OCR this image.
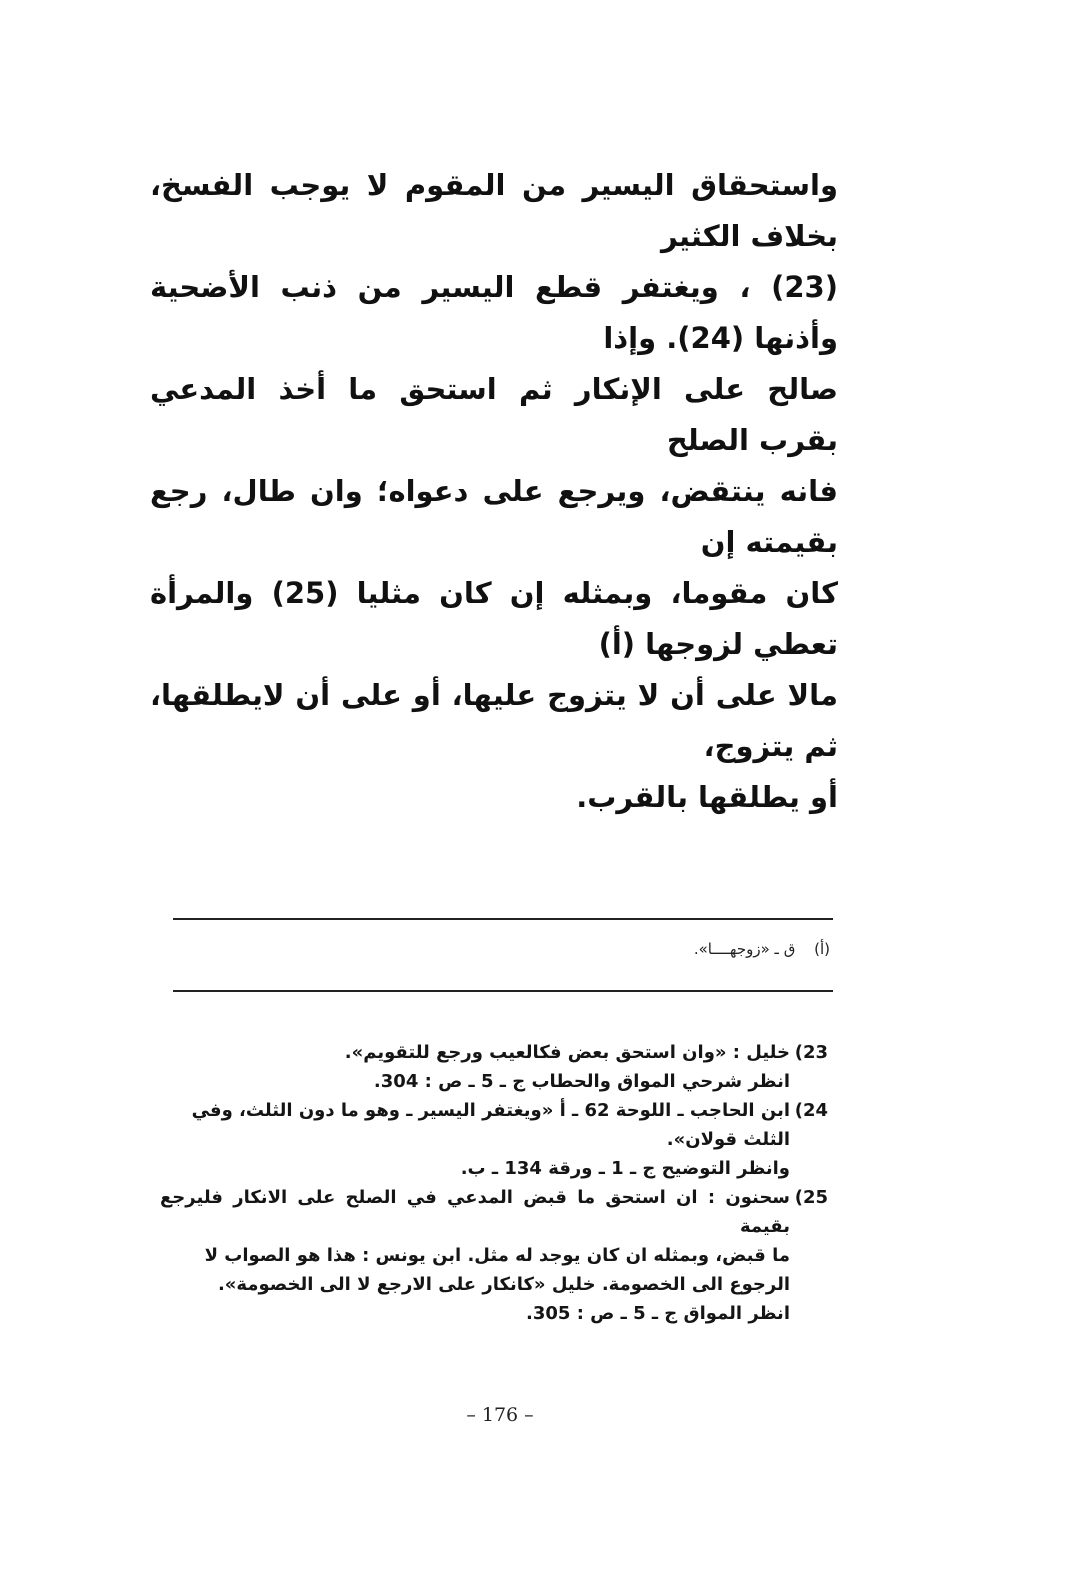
واستحقاق اليسير من المقوم لا يوجب الفسخ، بخلاف الكثير

(23) ، ويغتفر قطع اليسير من ذنب الأضحية وأذنها (24). وإذا

صالح على الإنكار ثم استحق ما أخذ المدعي بقرب الصلح

فانه ينتقض، ويرجع على دعواه؛ وان طال، رجع بقيمته إن

كان مقوما، وبمثله إن كان مثليا (25) والمرأة تعطي لزوجها (أ)

مالا على أن لا يتزوج عليها، أو على أن لايطلقها، ثم يتزوج،

أو يطلقها بالقرب.

(أ) ق ـ «زوجهــــا».
23)

خليل : «وان استحق بعض فكالعيب ورجع للتقويم».

انظر شرحي المواق والحطاب ج ـ 5 ـ ص : 304.

24)

ابن الحاجب ـ اللوحة 62 ـ أ «ويغتفر اليسير ـ وهو ما دون الثلث، وفي

الثلث قولان».

وانظر التوضيح ج ـ 1 ـ ورقة 134 ـ ب.

25)

سحنون : ان استحق ما قبض المدعي في الصلح على الانكار فليرجع بقيمة

ما قبض، وبمثله ان كان يوجد له مثل. ابن يونس : هذا هو الصواب لا

الرجوع الى الخصومة. خليل «كانكار على الارجع لا الى الخصومة».

انظر المواق ج ـ 5 ـ ص : 305.

– 176 –
